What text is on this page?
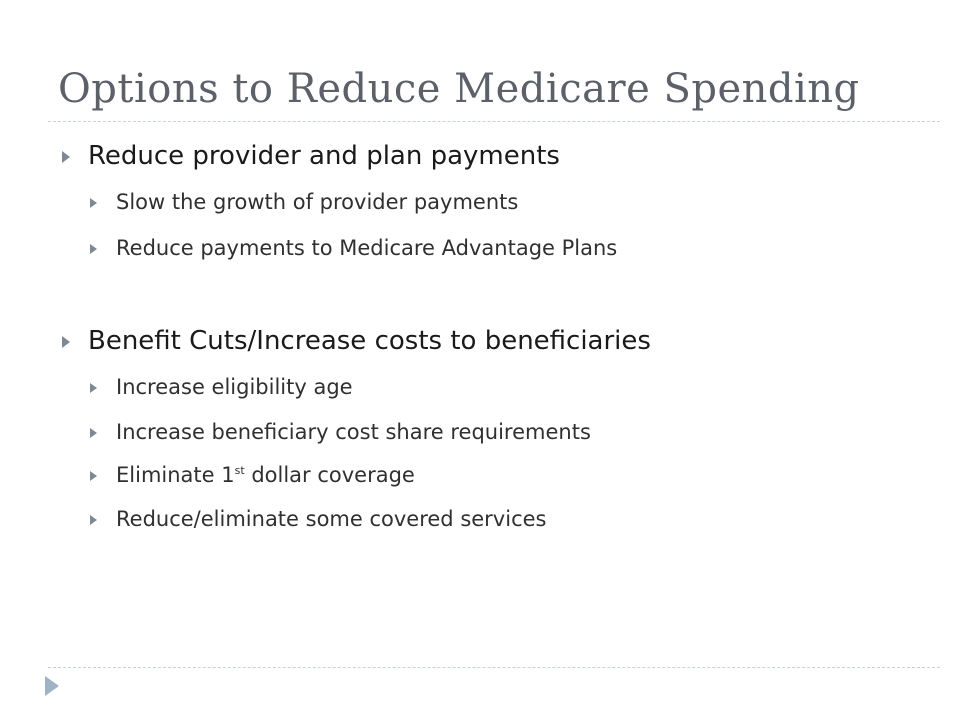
Options to Reduce Medicare Spending
Reduce provider and plan payments
Slow the growth of provider payments
Reduce payments to Medicare Advantage Plans
Benefit Cuts/Increase costs to beneficiaries
Increase eligibility age
Increase beneficiary cost share requirements
Eliminate 1st dollar coverage
Reduce/eliminate some covered services
